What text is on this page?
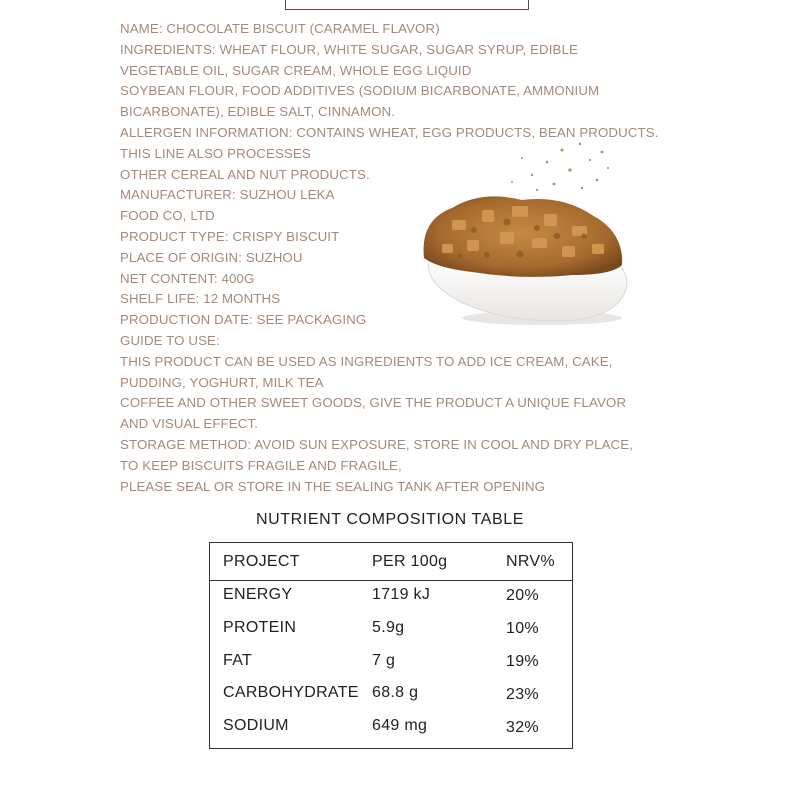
NAME: CHOCOLATE BISCUIT (CARAMEL FLAVOR)
INGREDIENTS: WHEAT FLOUR, WHITE SUGAR, SUGAR SYRUP, EDIBLE
VEGETABLE OIL, SUGAR CREAM, WHOLE EGG LIQUID
SOYBEAN FLOUR, FOOD ADDITIVES (SODIUM BICARBONATE, AMMONIUM
BICARBONATE), EDIBLE SALT, CINNAMON.
ALLERGEN INFORMATION: CONTAINS WHEAT, EGG PRODUCTS, BEAN PRODUCTS.
THIS LINE ALSO PROCESSES
OTHER CEREAL AND NUT PRODUCTS.
MANUFACTURER: SUZHOU LEKA
FOOD CO, LTD
PRODUCT TYPE: CRISPY BISCUIT
PLACE OF ORIGIN: SUZHOU
NET CONTENT: 400G
SHELF LIFE: 12 MONTHS
PRODUCTION DATE: SEE PACKAGING
GUIDE TO USE:
THIS PRODUCT CAN BE USED AS INGREDIENTS TO ADD ICE CREAM, CAKE,
PUDDING, YOGHURT, MILK TEA
COFFEE AND OTHER SWEET GOODS, GIVE THE PRODUCT A UNIQUE FLAVOR
AND VISUAL EFFECT.
STORAGE METHOD: AVOID SUN EXPOSURE, STORE IN COOL AND DRY PLACE,
TO KEEP BISCUITS FRAGILE AND FRAGILE,
PLEASE SEAL OR STORE IN THE SEALING TANK AFTER OPENING
NUTRIENT COMPOSITION TABLE
PROJECT	PER 100g	NRV%
ENERGY	1719 kJ	20%
PROTEIN	5.9g	10%
FAT	7 g	19%
CARBOHYDRATE 68.8 g	23%
SODIUM	649 mg	32%
